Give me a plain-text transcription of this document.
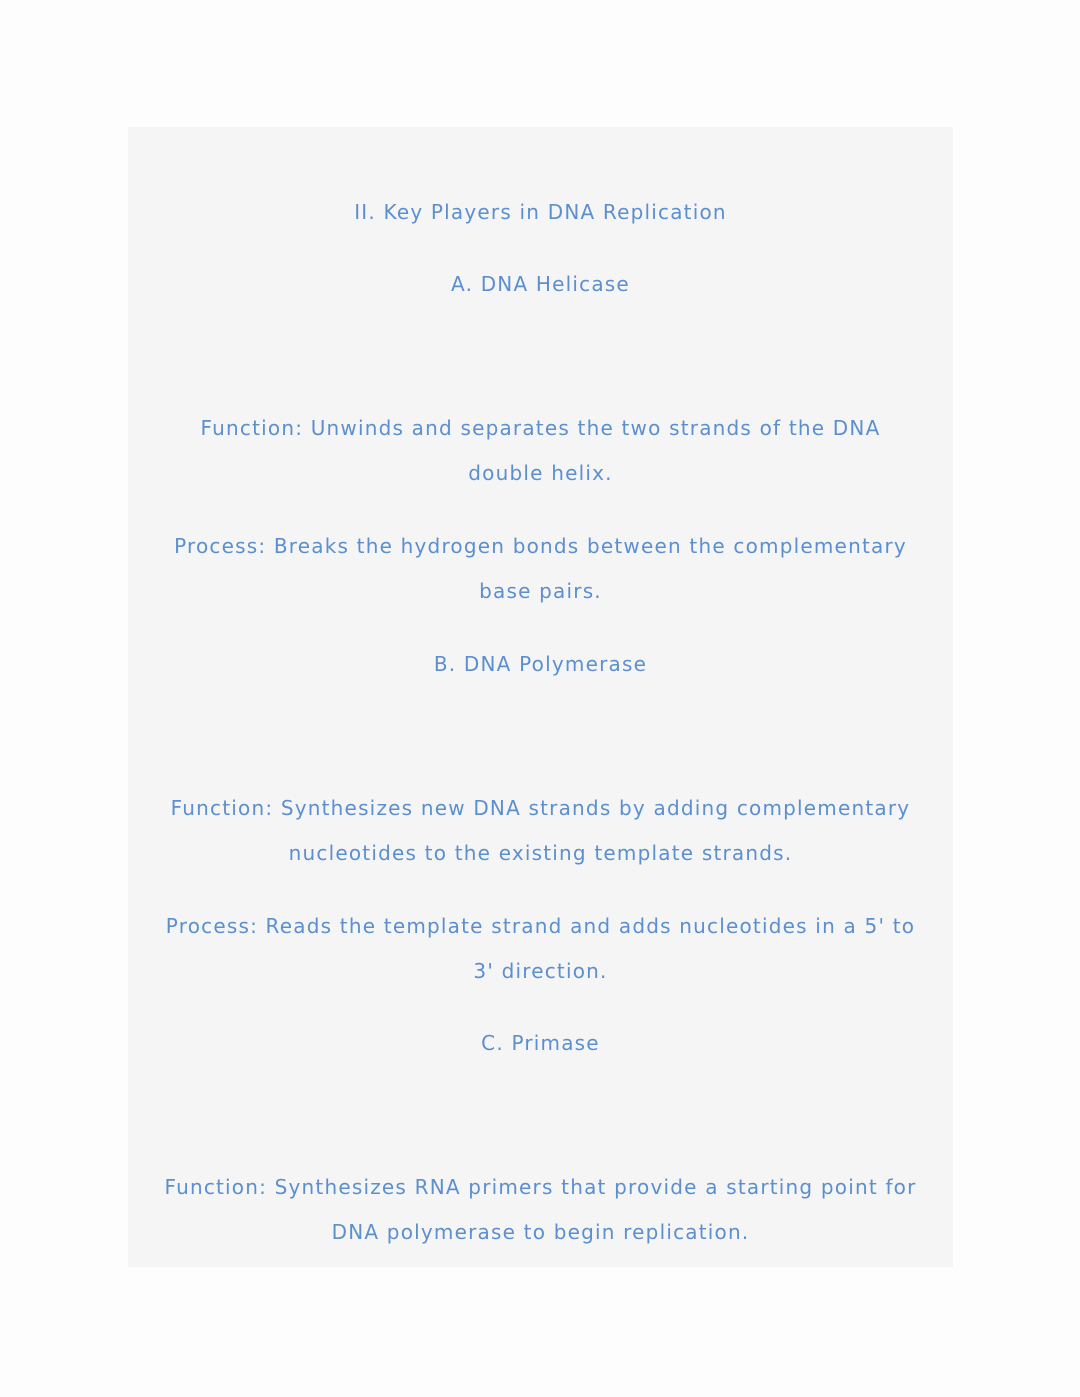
II. Key Players in DNA Replication
A. DNA Helicase
Function: Unwinds and separates the two strands of the DNA
double helix.
Process: Breaks the hydrogen bonds between the complementary
base pairs.
B. DNA Polymerase
Function: Synthesizes new DNA strands by adding complementary
nucleotides to the existing template strands.
Process: Reads the template strand and adds nucleotides in a 5' to
3' direction.
C. Primase
Function: Synthesizes RNA primers that provide a starting point for
DNA polymerase to begin replication.
